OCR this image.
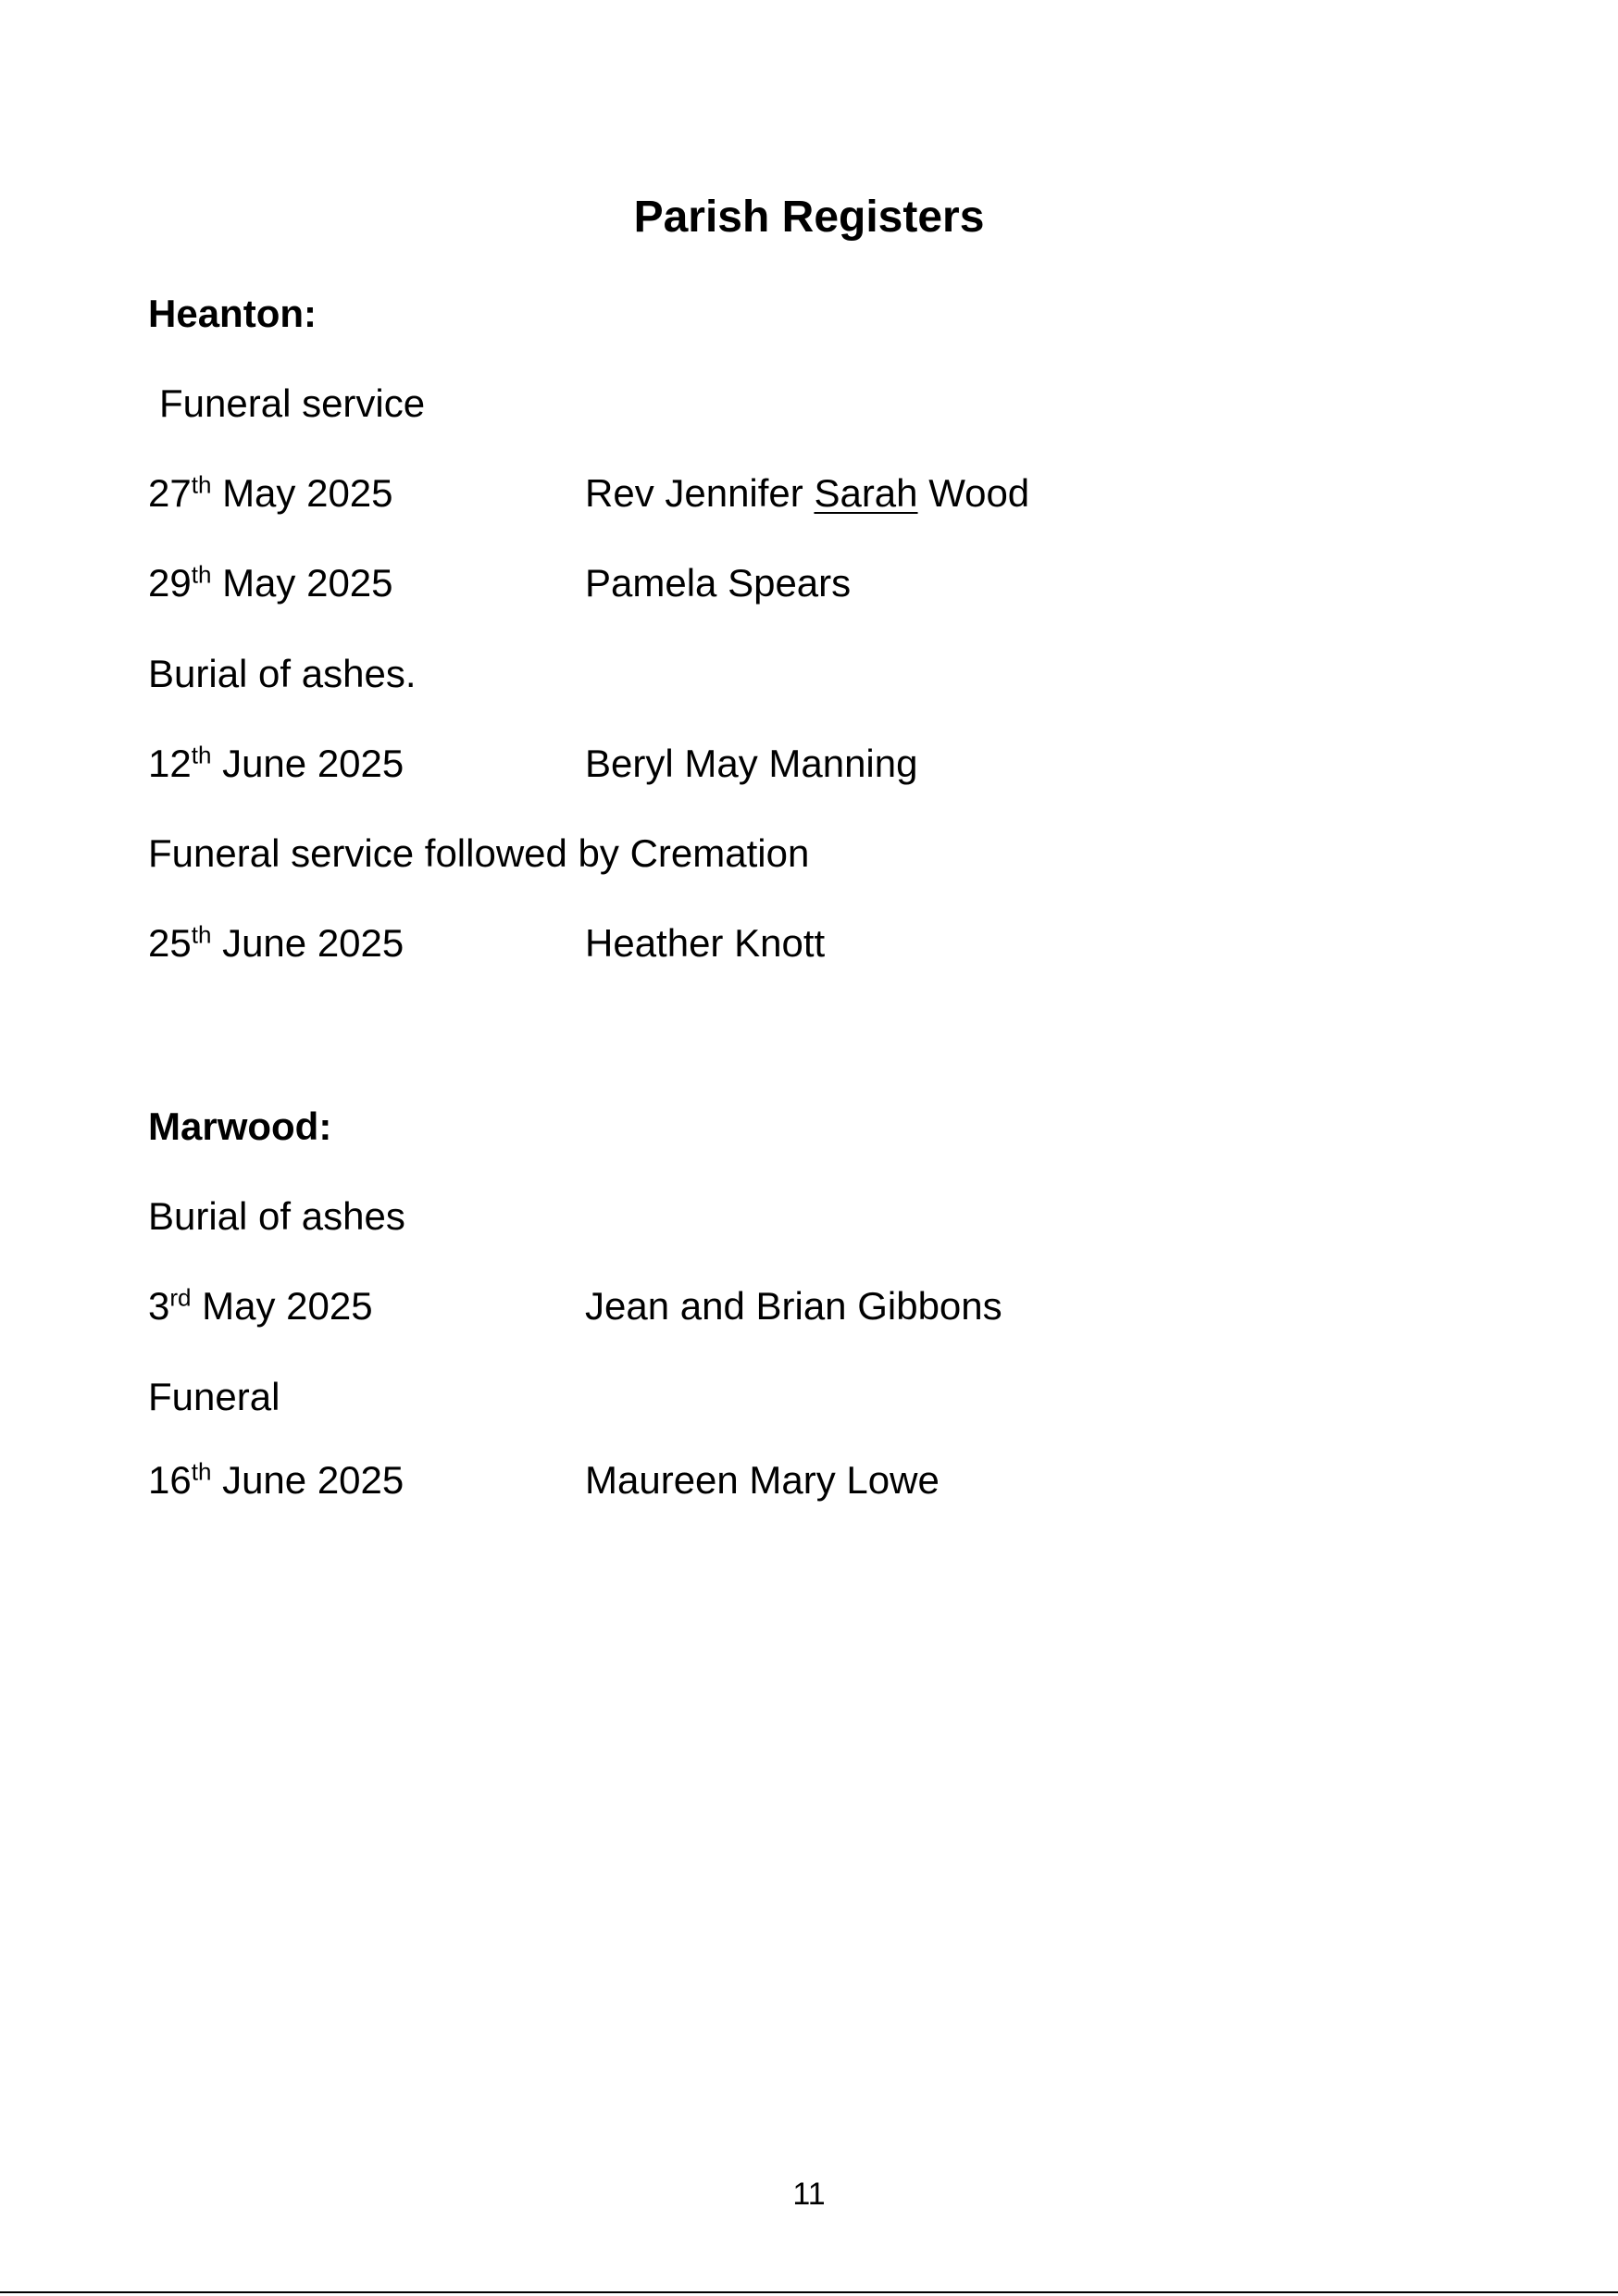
Parish Registers
Heanton:
Funeral service
27th May 2025	Rev Jennifer Sarah Wood
29th May 2025	Pamela Spears
Burial of ashes.
12th June 2025	Beryl May Manning
Funeral service followed by Cremation
25th June 2025	Heather Knott
Marwood:
Burial of ashes
3rd May 2025	Jean and Brian Gibbons
Funeral
16th June 2025	Maureen Mary Lowe
11
